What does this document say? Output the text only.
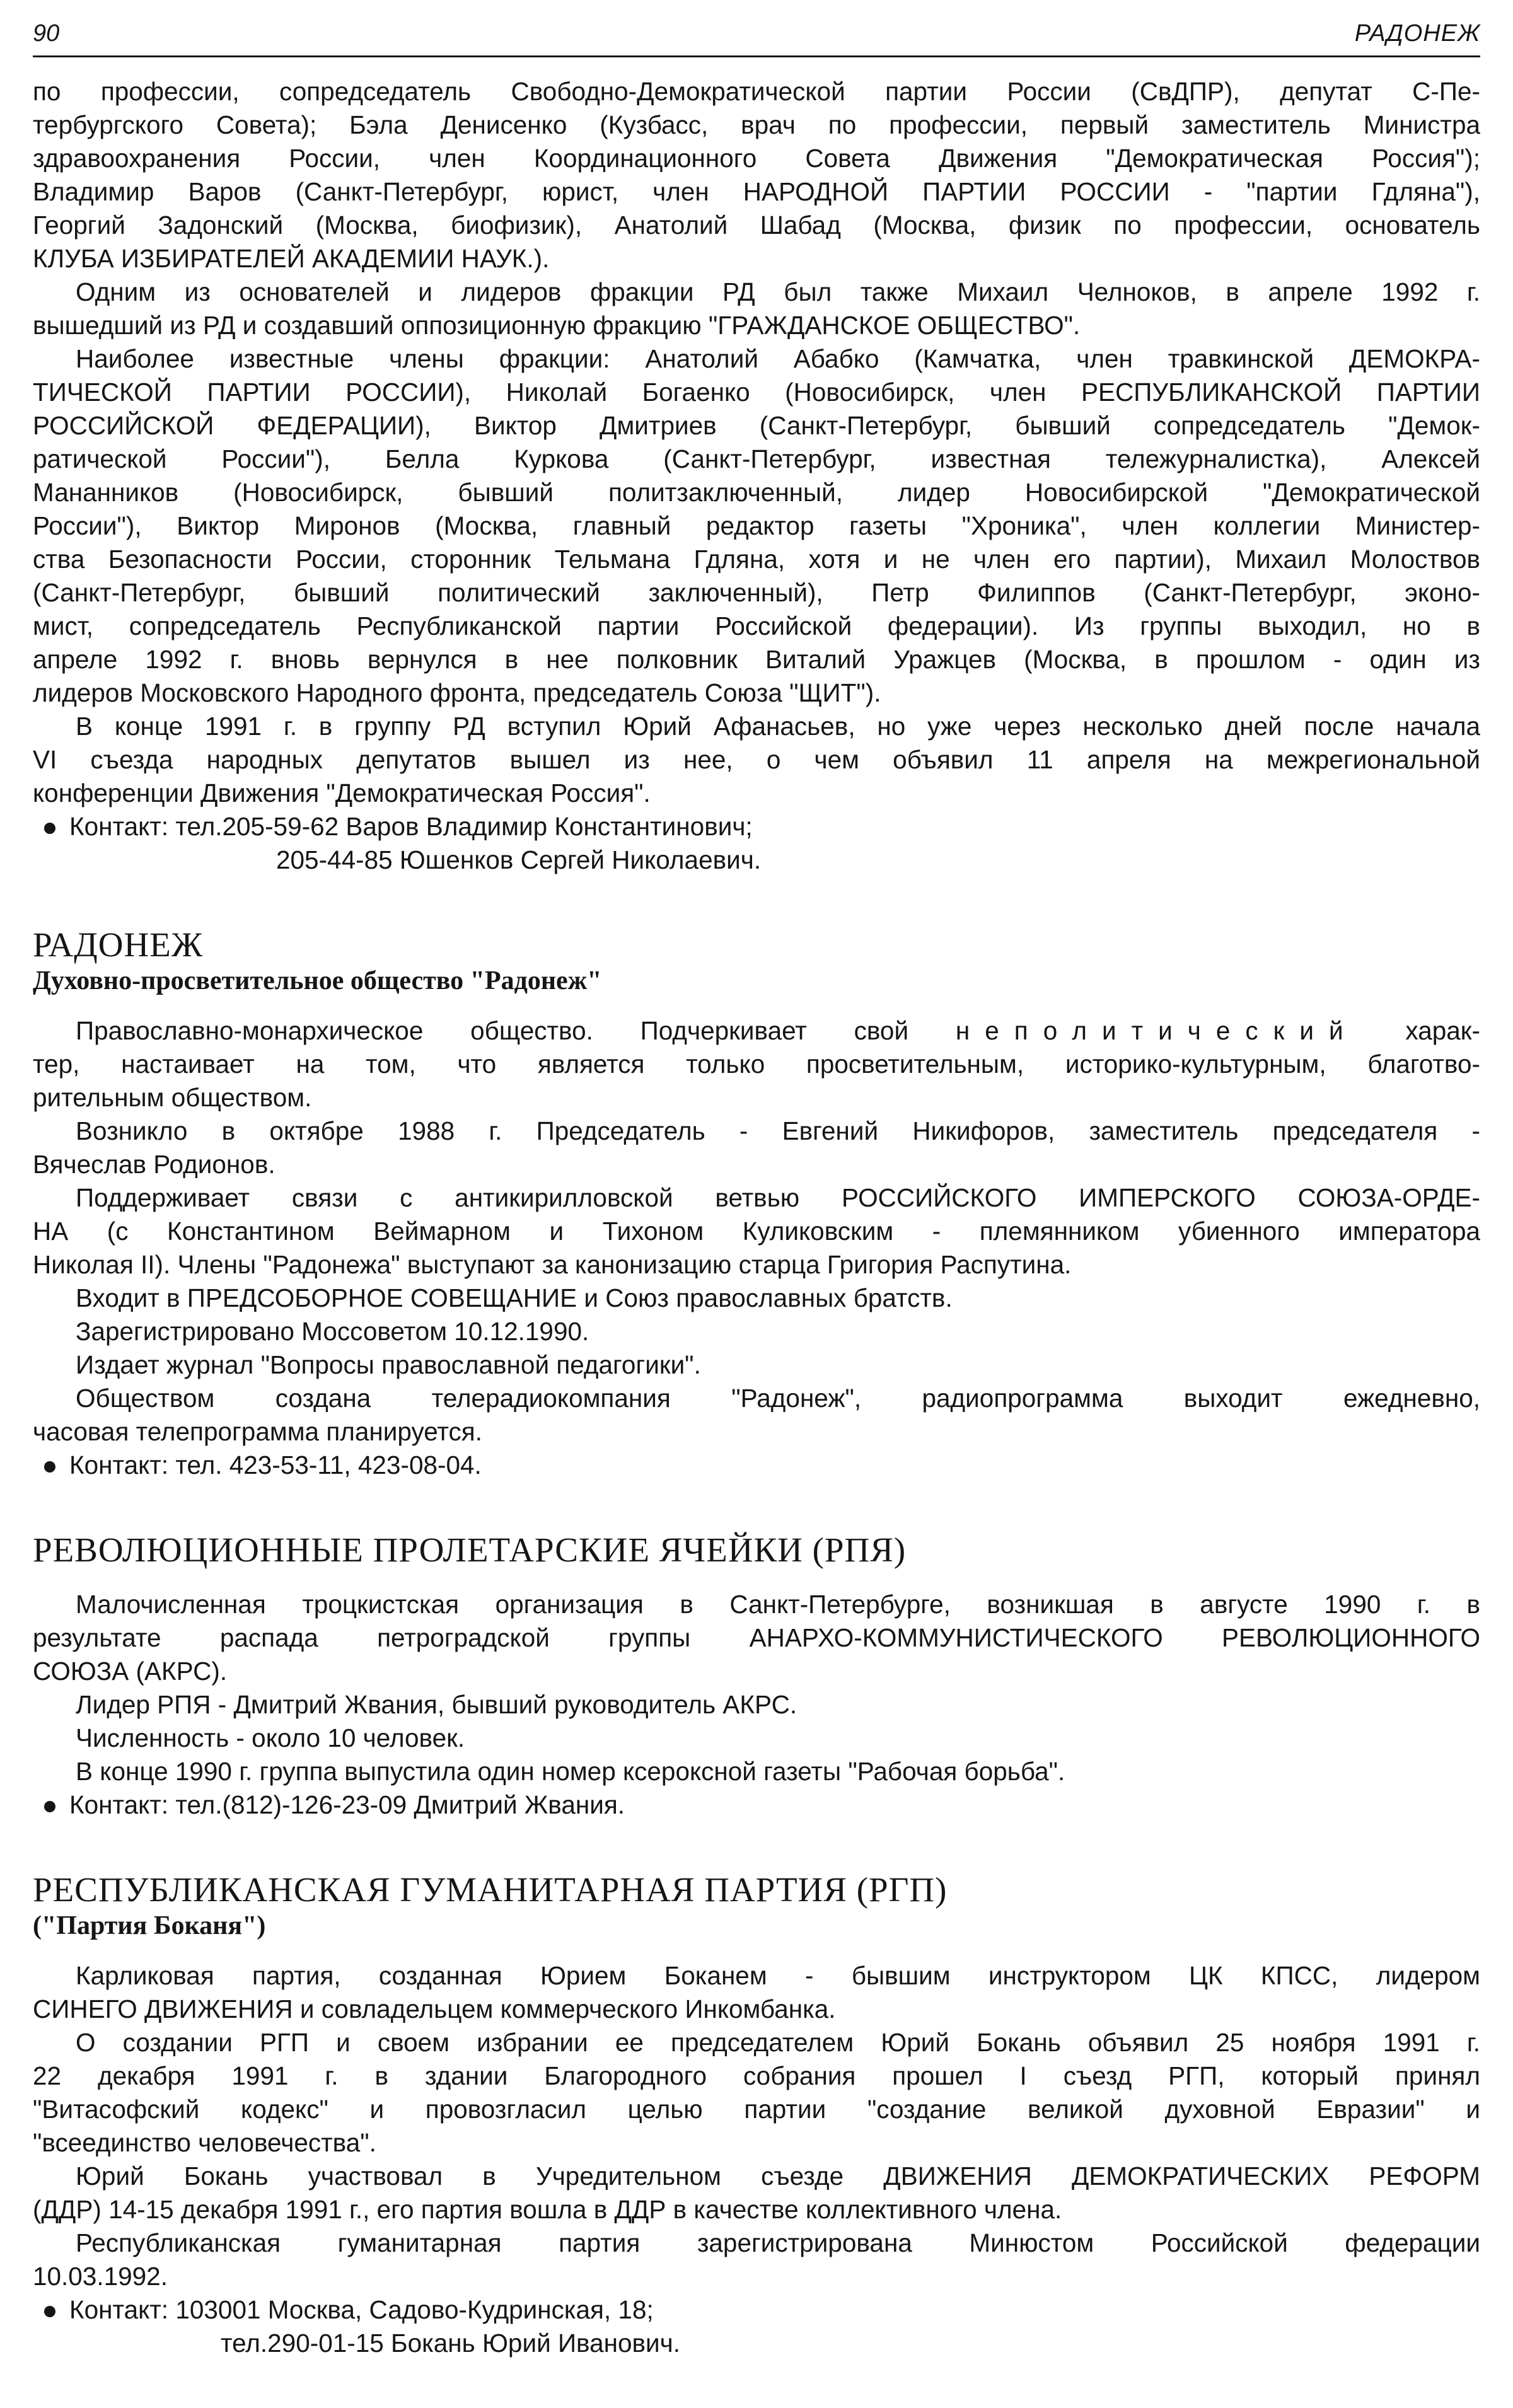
90	РАДОНЕЖ
по профессии, сопредседатель Свободно-Демократической партии России (СвДПР), депутат С-Пе-
тербургского Совета); Бэла Денисенко (Кузбасс, врач по профессии, первый заместитель Министра
здравоохранения России, член Координационного Совета Движения "Демократическая Россия");
Владимир Варов (Санкт-Петербург, юрист, член НАРОДНОЙ ПАРТИИ РОССИИ - "партии Гдляна"),
Георгий Задонский (Москва, биофизик), Анатолий Шабад (Москва, физик по профессии, основатель
КЛУБА ИЗБИРАТЕЛЕЙ АКАДЕМИИ НАУК.).
Одним из основателей и лидеров фракции РД был также Михаил Челноков, в апреле 1992 г.
вышедший из РД и создавший оппозиционную фракцию "ГРАЖДАНСКОЕ ОБЩЕСТВО".
Наиболее известные члены фракции: Анатолий Абабко (Камчатка, член травкинской ДЕМОКРА-
ТИЧЕСКОЙ ПАРТИИ РОССИИ), Николай Богаенко (Новосибирск, член РЕСПУБЛИКАНСКОЙ ПАРТИИ
РОССИЙСКОЙ ФЕДЕРАЦИИ), Виктор Дмитриев (Санкт-Петербург, бывший сопредседатель "Демок-
ратической России"), Белла Куркова (Санкт-Петербург, известная тележурналистка), Алексей
Мананников (Новосибирск, бывший политзаключенный, лидер Новосибирской "Демократической
России"), Виктор Миронов (Москва, главный редактор газеты "Хроника", член коллегии Министер-
ства Безопасности России, сторонник Тельмана Гдляна, хотя и не член его партии), Михаил Молоствов
(Санкт-Петербург, бывший политический заключенный), Петр Филиппов (Санкт-Петербург, эконо-
мист, сопредседатель Республиканской партии Российской федерации). Из группы выходил, но в
апреле 1992 г. вновь вернулся в нее полковник Виталий Уражцев (Москва, в прошлом - один из
лидеров Московского Народного фронта, председатель Союза "ЩИТ").
В конце 1991 г. в группу РД вступил Юрий Афанасьев, но уже через несколько дней после начала
VI съезда народных депутатов вышел из нее, о чем объявил 11 апреля на межрегиональной
конференции Движения "Демократическая Россия".
Контакт: тел.205-59-62 Варов Владимир Константинович;
205-44-85 Юшенков Сергей Николаевич.
РАДОНЕЖ
Духовно-просветительное общество "Радонеж"
Православно-монархическое общество. Подчеркивает свой неполитический харак-
тер, настаивает на том, что является только просветительным, историко-культурным, благотво-
рительным обществом.
Возникло в октябре 1988 г. Председатель - Евгений Никифоров, заместитель председателя -
Вячеслав Родионов.
Поддерживает связи с антикирилловской ветвью РОССИЙСКОГО ИМПЕРСКОГО СОЮЗА-ОРДЕ-
НА (с Константином Веймарном и Тихоном Куликовским - племянником убиенного императора
Николая II). Члены "Радонежа" выступают за канонизацию старца Григория Распутина.
Входит в ПРЕДСОБОРНОЕ СОВЕЩАНИЕ и Союз православных братств.
Зарегистрировано Моссоветом 10.12.1990.
Издает журнал "Вопросы православной педагогики".
Обществом создана телерадиокомпания "Радонеж", радиопрограмма выходит ежедневно,
часовая телепрограмма планируется.
Контакт: тел. 423-53-11, 423-08-04.
РЕВОЛЮЦИОННЫЕ ПРОЛЕТАРСКИЕ ЯЧЕЙКИ (РПЯ)
Малочисленная троцкистская организация в Санкт-Петербурге, возникшая в августе 1990 г. в
результате распада петроградской группы АНАРХО-КОММУНИСТИЧЕСКОГО РЕВОЛЮЦИОННОГО
СОЮЗА (АКРС).
Лидер РПЯ - Дмитрий Жвания, бывший руководитель АКРС.
Численность - около 10 человек.
В конце 1990 г. группа выпустила один номер ксероксной газеты "Рабочая борьба".
Контакт: тел.(812)-126-23-09 Дмитрий Жвания.
РЕСПУБЛИКАНСКАЯ ГУМАНИТАРНАЯ ПАРТИЯ (РГП)
("Партия Боканя")
Карликовая партия, созданная Юрием Боканем - бывшим инструктором ЦК КПСС, лидером
СИНЕГО ДВИЖЕНИЯ и совладельцем коммерческого Инкомбанка.
О создании РГП и своем избрании ее председателем Юрий Бокань объявил 25 ноября 1991 г.
22 декабря 1991 г. в здании Благородного собрания прошел I съезд РГП, который принял
"Витасофский кодекс" и провозгласил целью партии "создание великой духовной Евразии" и
"всеединство человечества".
Юрий Бокань участвовал в Учредительном съезде ДВИЖЕНИЯ ДЕМОКРАТИЧЕСКИХ РЕФОРМ
(ДДР) 14-15 декабря 1991 г., его партия вошла в ДДР в качестве коллективного члена.
Республиканская гуманитарная партия зарегистрирована Минюстом Российской федерации
10.03.1992.
Контакт: 103001 Москва, Садово-Кудринская, 18;
тел.290-01-15 Бокань Юрий Иванович.
